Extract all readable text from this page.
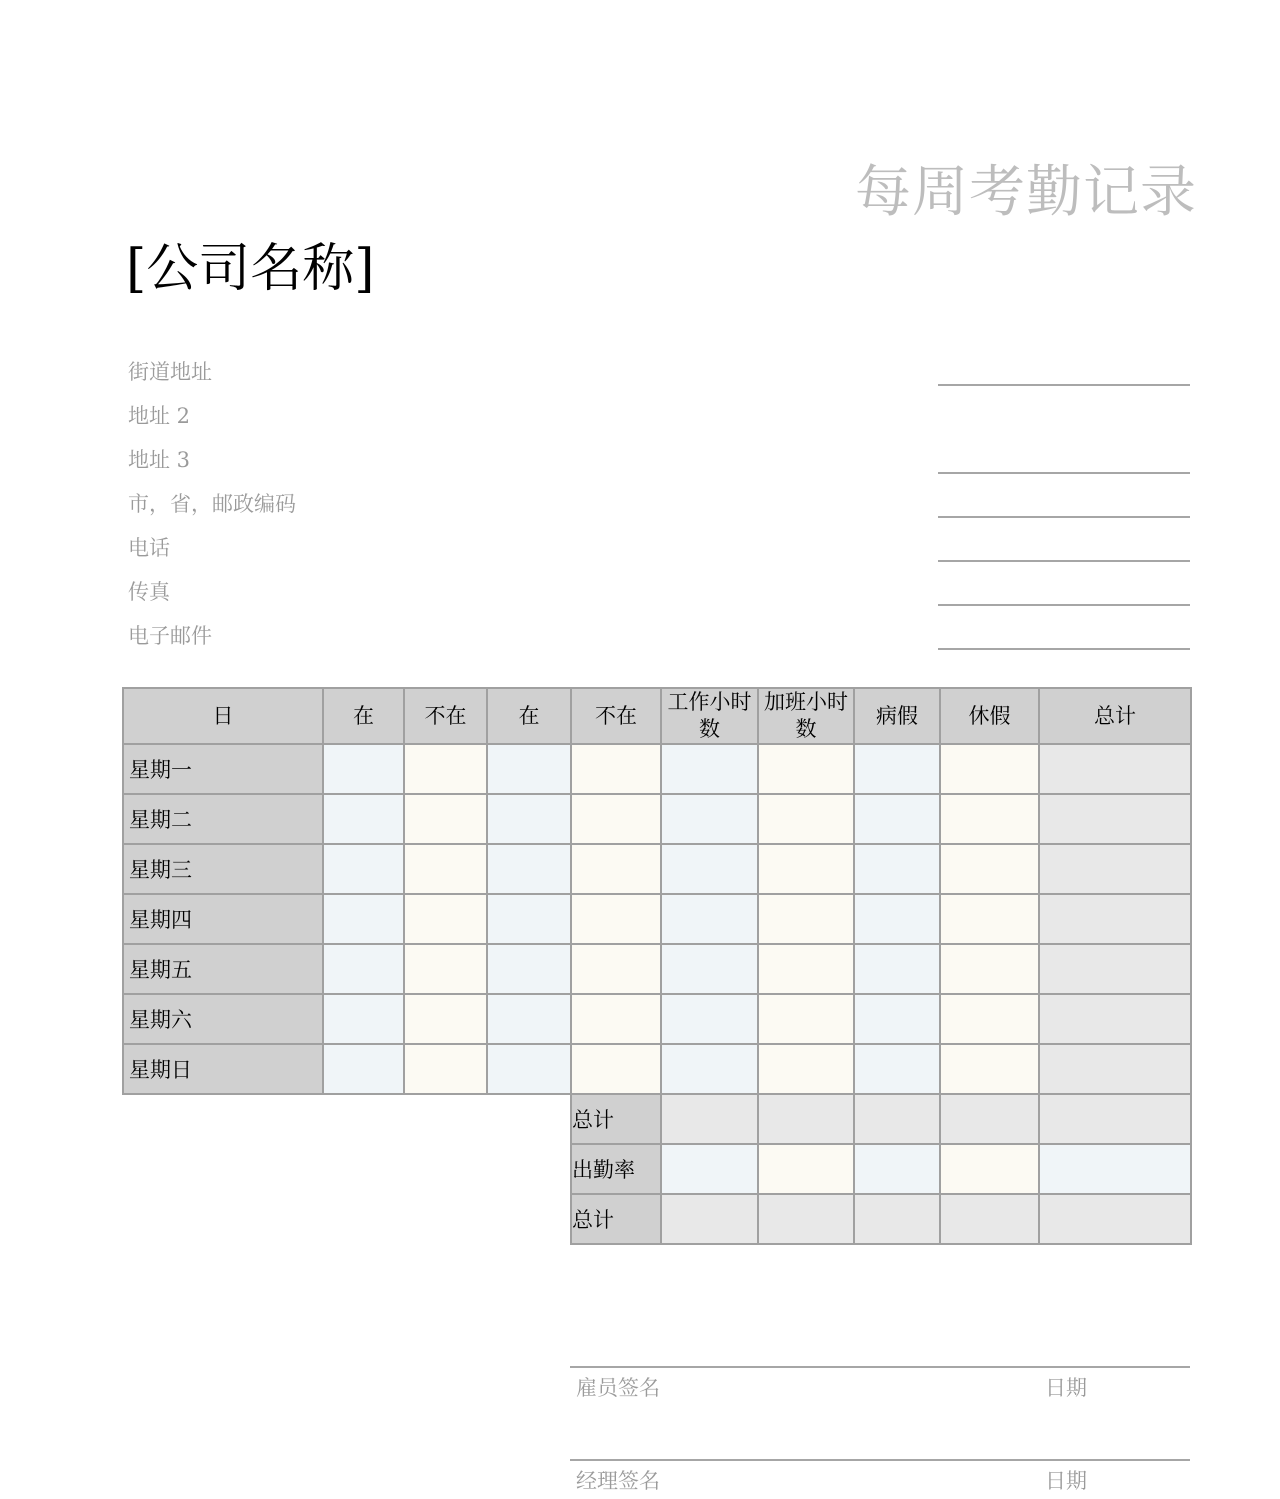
每周考勤记录
[公司名称]
街道地址
地址 2
地址 3
市，省，邮政编码
电话
传真
电子邮件
日	在	不在	在	不在	工作小时数	加班小时数	病假	休假	总计
星期一									
星期二									
星期三									
星期四									
星期五									
星期六									
星期日									
				总计					
				出勤率					
				总计					
雇员签名	日期
经理签名	日期
